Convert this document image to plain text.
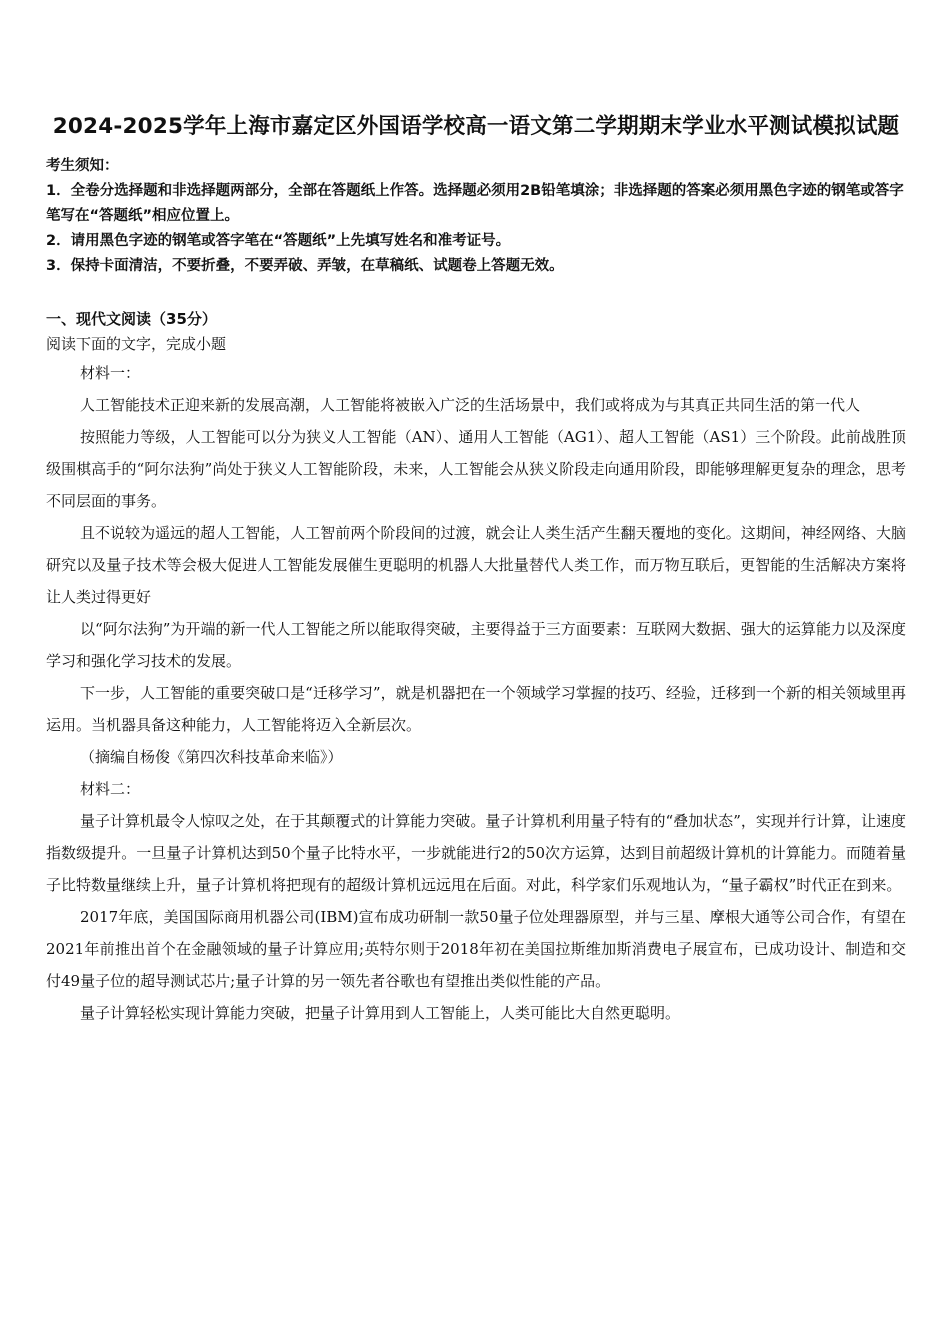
2024-2025学年上海市嘉定区外国语学校高一语文第二学期期末学业水平测试模拟试题

考生须知：

1．全卷分选择题和非选择题两部分，全部在答题纸上作答。选择题必须用2B铅笔填涂；非选择题的答案必须用黑色字迹的钢笔或答字笔写在“答题纸”相应位置上。

2．请用黑色字迹的钢笔或答字笔在“答题纸”上先填写姓名和准考证号。

3．保持卡面清洁，不要折叠，不要弄破、弄皱，在草稿纸、试题卷上答题无效。

一、现代文阅读（35分）

阅读下面的文字，完成小题

材料一：

人工智能技术正迎来新的发展高潮，人工智能将被嵌入广泛的生活场景中，我们或将成为与其真正共同生活的第一代人

按照能力等级，人工智能可以分为狭义人工智能（AN）、通用人工智能（AG1）、超人工智能（AS1）三个阶段。此前战胜顶级围棋高手的“阿尔法狗”尚处于狭义人工智能阶段，未来，人工智能会从狭义阶段走向通用阶段，即能够理解更复杂的理念，思考不同层面的事务。

且不说较为遥远的超人工智能，人工智前两个阶段间的过渡，就会让人类生活产生翻天覆地的变化。这期间，神经网络、大脑研究以及量子技术等会极大促进人工智能发展催生更聪明的机器人大批量替代人类工作，而万物互联后，更智能的生活解决方案将让人类过得更好

以“阿尔法狗”为开端的新一代人工智能之所以能取得突破，主要得益于三方面要素：互联网大数据、强大的运算能力以及深度学习和强化学习技术的发展。

下一步，人工智能的重要突破口是“迁移学习”，就是机器把在一个领域学习掌握的技巧、经验，迁移到一个新的相关领域里再运用。当机器具备这种能力，人工智能将迈入全新层次。

（摘编自杨俊《第四次科技革命来临》）

材料二：

量子计算机最令人惊叹之处，在于其颠覆式的计算能力突破。量子计算机利用量子特有的“叠加状态”，实现并行计算，让速度指数级提升。一旦量子计算机达到50个量子比特水平，一步就能进行2的50次方运算，达到目前超级计算机的计算能力。而随着量子比特数量继续上升，量子计算机将把现有的超级计算机远远甩在后面。对此，科学家们乐观地认为，“量子霸权”时代正在到来。

2017年底，美国国际商用机器公司(IBM)宣布成功研制一款50量子位处理器原型，并与三星、摩根大通等公司合作，有望在2021年前推出首个在金融领域的量子计算应用;英特尔则于2018年初在美国拉斯维加斯消费电子展宣布，已成功设计、制造和交付49量子位的超导测试芯片;量子计算的另一领先者谷歌也有望推出类似性能的产品。

量子计算轻松实现计算能力突破，把量子计算用到人工智能上，人类可能比大自然更聪明。
